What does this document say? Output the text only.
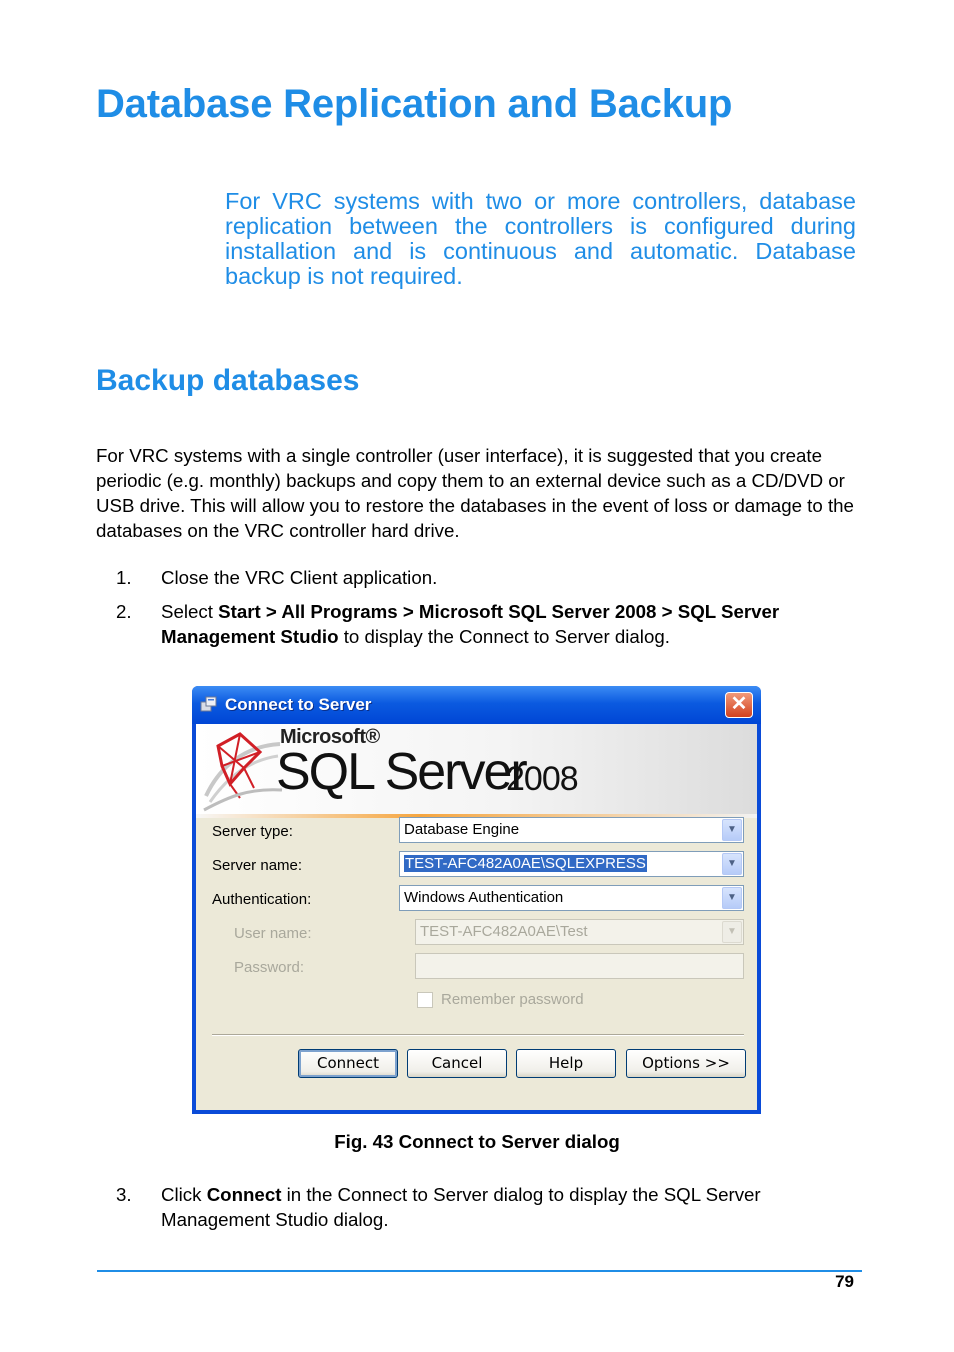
Database Replication and Backup

For VRC systems with two or more controllers, database replication between the controllers is configured during installation and is continuous and automatic. Database backup is not required.

Backup databases

For VRC systems with a single controller (user interface), it is suggested that you create periodic (e.g. monthly) backups and copy them to an external device such as a CD/DVD or USB drive. This will allow you to restore the databases in the event of loss or damage to the databases on the VRC controller hard drive.

1. Close the VRC Client application.
2. Select Start > All Programs > Microsoft SQL Server 2008 > SQL Server Management Studio to display the Connect to Server dialog.
Connect to Server	✕
Microsoft®
SQL Server
2008
Server type:	Database Engine	▼
Server name:	TEST-AFC482A0AE\SQLEXPRESS	▼
Authentication:	Windows Authentication	▼
User name:	TEST-AFC482A0AE\Test	▼
Password:
Remember password
Connect	Cancel	Help	Options >>

Fig. 43 Connect to Server dialog

3. Click Connect in the Connect to Server dialog to display the SQL Server Management Studio dialog.
79
